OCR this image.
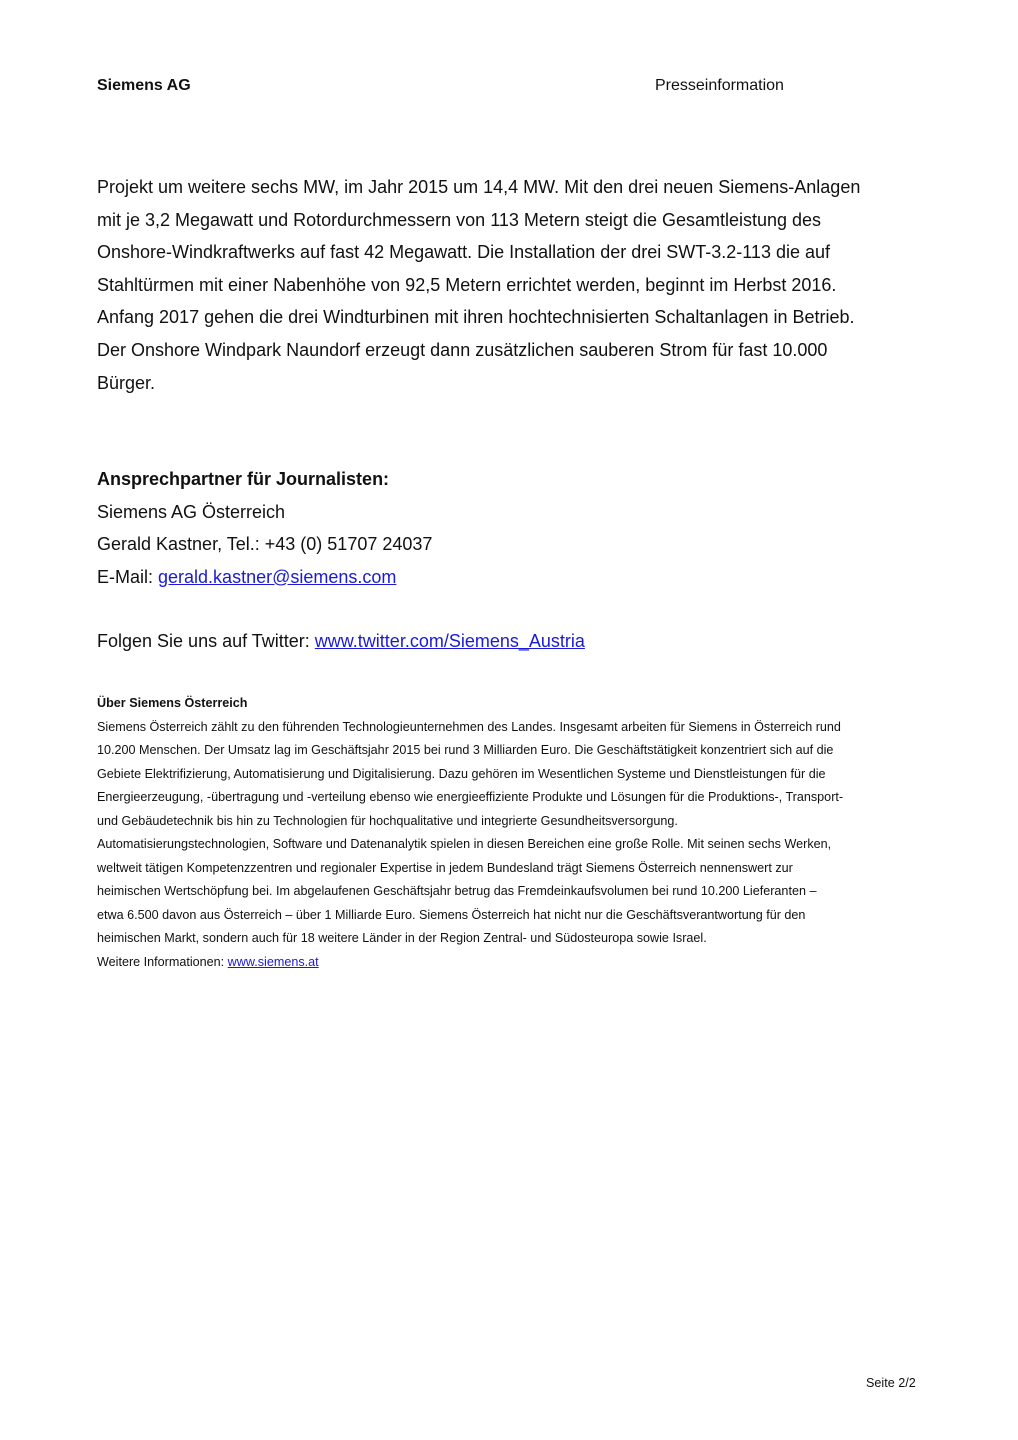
Siemens AG	Presseinformation

Projekt um weitere sechs MW, im Jahr 2015 um 14,4 MW. Mit den drei neuen Siemens-Anlagen
mit je 3,2 Megawatt und Rotordurchmessern von 113 Metern steigt die Gesamtleistung des
Onshore-Windkraftwerks auf fast 42 Megawatt. Die Installation der drei SWT-3.2-113 die auf
Stahltürmen mit einer Nabenhöhe von 92,5 Metern errichtet werden, beginnt im Herbst 2016.
Anfang 2017 gehen die drei Windturbinen mit ihren hochtechnisierten Schaltanlagen in Betrieb.
Der Onshore Windpark Naundorf erzeugt dann zusätzlichen sauberen Strom für fast 10.000
Bürger.

Ansprechpartner für Journalisten:
Siemens AG Österreich
Gerald Kastner, Tel.: +43 (0) 51707 24037
E-Mail: gerald.kastner@siemens.com
Folgen Sie uns auf Twitter: www.twitter.com/Siemens_Austria
Über Siemens Österreich
Siemens Österreich zählt zu den führenden Technologieunternehmen des Landes. Insgesamt arbeiten für Siemens in Österreich rund
10.200 Menschen. Der Umsatz lag im Geschäftsjahr 2015 bei rund 3 Milliarden Euro. Die Geschäftstätigkeit konzentriert sich auf die
Gebiete Elektrifizierung, Automatisierung und Digitalisierung. Dazu gehören im Wesentlichen Systeme und Dienstleistungen für die
Energieerzeugung, -übertragung und -verteilung ebenso wie energieeffiziente Produkte und Lösungen für die Produktions-, Transport-
und Gebäudetechnik bis hin zu Technologien für hochqualitative und integrierte Gesundheitsversorgung.
Automatisierungstechnologien, Software und Datenanalytik spielen in diesen Bereichen eine große Rolle. Mit seinen sechs Werken,
weltweit tätigen Kompetenzzentren und regionaler Expertise in jedem Bundesland trägt Siemens Österreich nennenswert zur
heimischen Wertschöpfung bei. Im abgelaufenen Geschäftsjahr betrug das Fremdeinkaufsvolumen bei rund 10.200 Lieferanten –
etwa 6.500 davon aus Österreich – über 1 Milliarde Euro. Siemens Österreich hat nicht nur die Geschäftsverantwortung für den
heimischen Markt, sondern auch für 18 weitere Länder in der Region Zentral- und Südosteuropa sowie Israel.
Weitere Informationen: www.siemens.at
Seite 2/2
